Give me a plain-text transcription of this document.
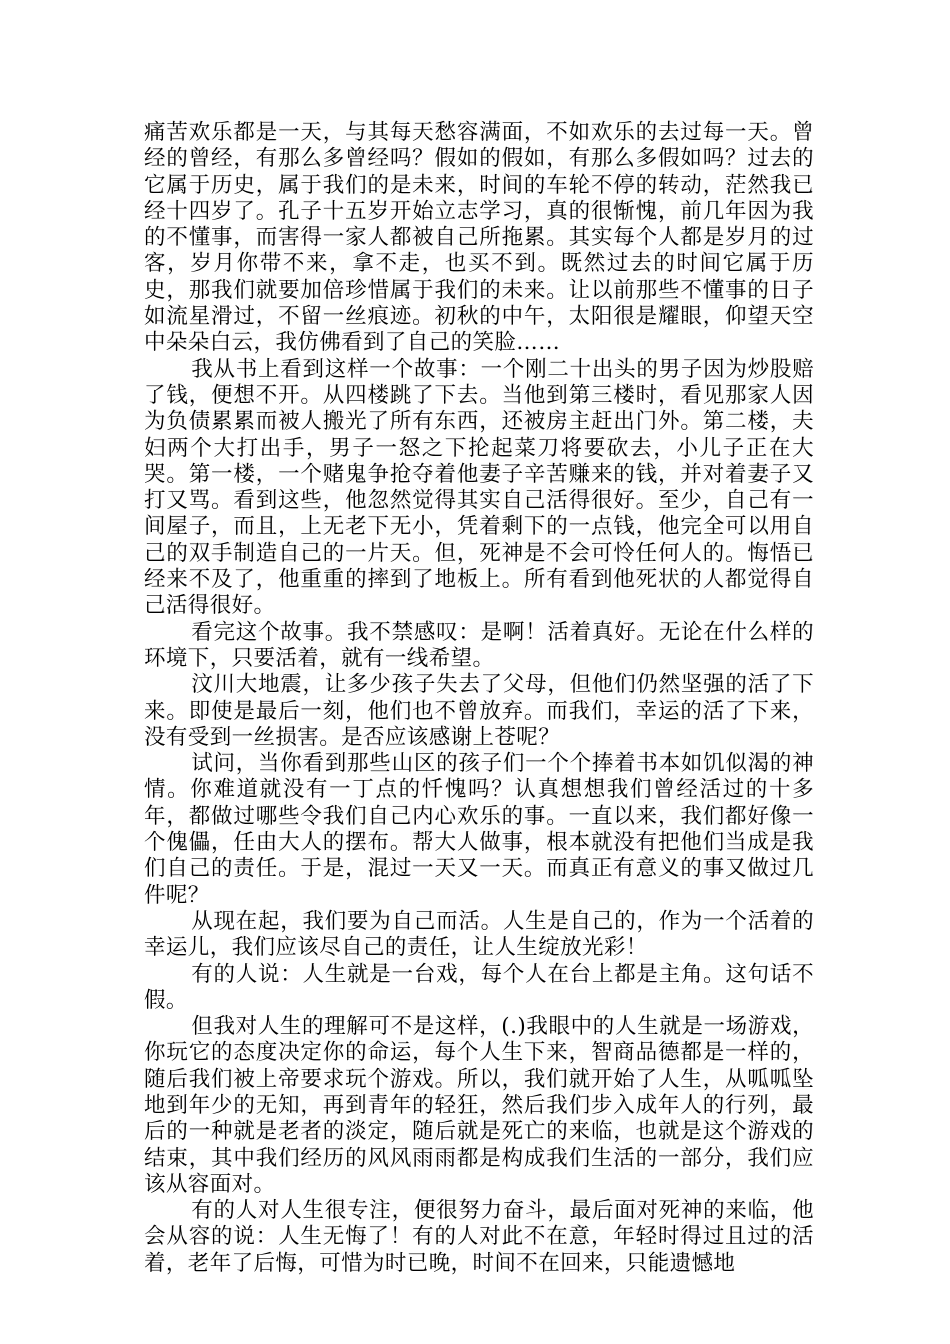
痛苦欢乐都是一天，与其每天愁容满面，不如欢乐的去过每一天。曾经的曾经，有那么多曾经吗？假如的假如，有那么多假如吗？过去的它属于历史，属于我们的是未来，时间的车轮不停的转动，茫然我已经十四岁了。孔子十五岁开始立志学习，真的很惭愧，前几年因为我的不懂事，而害得一家人都被自己所拖累。其实每个人都是岁月的过客，岁月你带不来，拿不走，也买不到。既然过去的时间它属于历史，那我们就要加倍珍惜属于我们的未来。让以前那些不懂事的日子如流星滑过，不留一丝痕迹。初秋的中午，太阳很是耀眼，仰望天空中朵朵白云，我仿佛看到了自己的笑脸……

我从书上看到这样一个故事：一个刚二十出头的男子因为炒股赔了钱，便想不开。从四楼跳了下去。当他到第三楼时，看见那家人因为负债累累而被人搬光了所有东西，还被房主赶出门外。第二楼，夫妇两个大打出手，男子一怒之下抡起菜刀将要砍去，小儿子正在大哭。第一楼，一个赌鬼争抢夺着他妻子辛苦赚来的钱，并对着妻子又打又骂。看到这些，他忽然觉得其实自己活得很好。至少，自己有一间屋子，而且，上无老下无小，凭着剩下的一点钱，他完全可以用自己的双手制造自己的一片天。但，死神是不会可怜任何人的。悔悟已经来不及了，他重重的摔到了地板上。所有看到他死状的人都觉得自己活得很好。

看完这个故事。我不禁感叹：是啊！活着真好。无论在什么样的环境下，只要活着，就有一线希望。

汶川大地震，让多少孩子失去了父母，但他们仍然坚强的活了下来。即使是最后一刻，他们也不曾放弃。而我们，幸运的活了下来，没有受到一丝损害。是否应该感谢上苍呢？

试问，当你看到那些山区的孩子们一个个捧着书本如饥似渴的神情。你难道就没有一丁点的忏愧吗？认真想想我们曾经活过的十多年，都做过哪些令我们自己内心欢乐的事。一直以来，我们都好像一个傀儡，任由大人的摆布。帮大人做事，根本就没有把他们当成是我们自己的责任。于是，混过一天又一天。而真正有意义的事又做过几件呢？

从现在起，我们要为自己而活。人生是自己的，作为一个活着的幸运儿，我们应该尽自己的责任，让人生绽放光彩！

有的人说：人生就是一台戏，每个人在台上都是主角。这句话不假。

但我对人生的理解可不是这样，(.)我眼中的人生就是一场游戏，你玩它的态度决定你的命运，每个人生下来，智商品德都是一样的，随后我们被上帝要求玩个游戏。所以，我们就开始了人生，从呱呱坠地到年少的无知，再到青年的轻狂，然后我们步入成年人的行列，最后的一种就是老者的淡定，随后就是死亡的来临，也就是这个游戏的结束，其中我们经历的风风雨雨都是构成我们生活的一部分，我们应该从容面对。

有的人对人生很专注，便很努力奋斗，最后面对死神的来临，他会从容的说：人生无悔了！有的人对此不在意，年轻时得过且过的活着，老年了后悔，可惜为时已晚，时间不在回来，只能遗憾地
